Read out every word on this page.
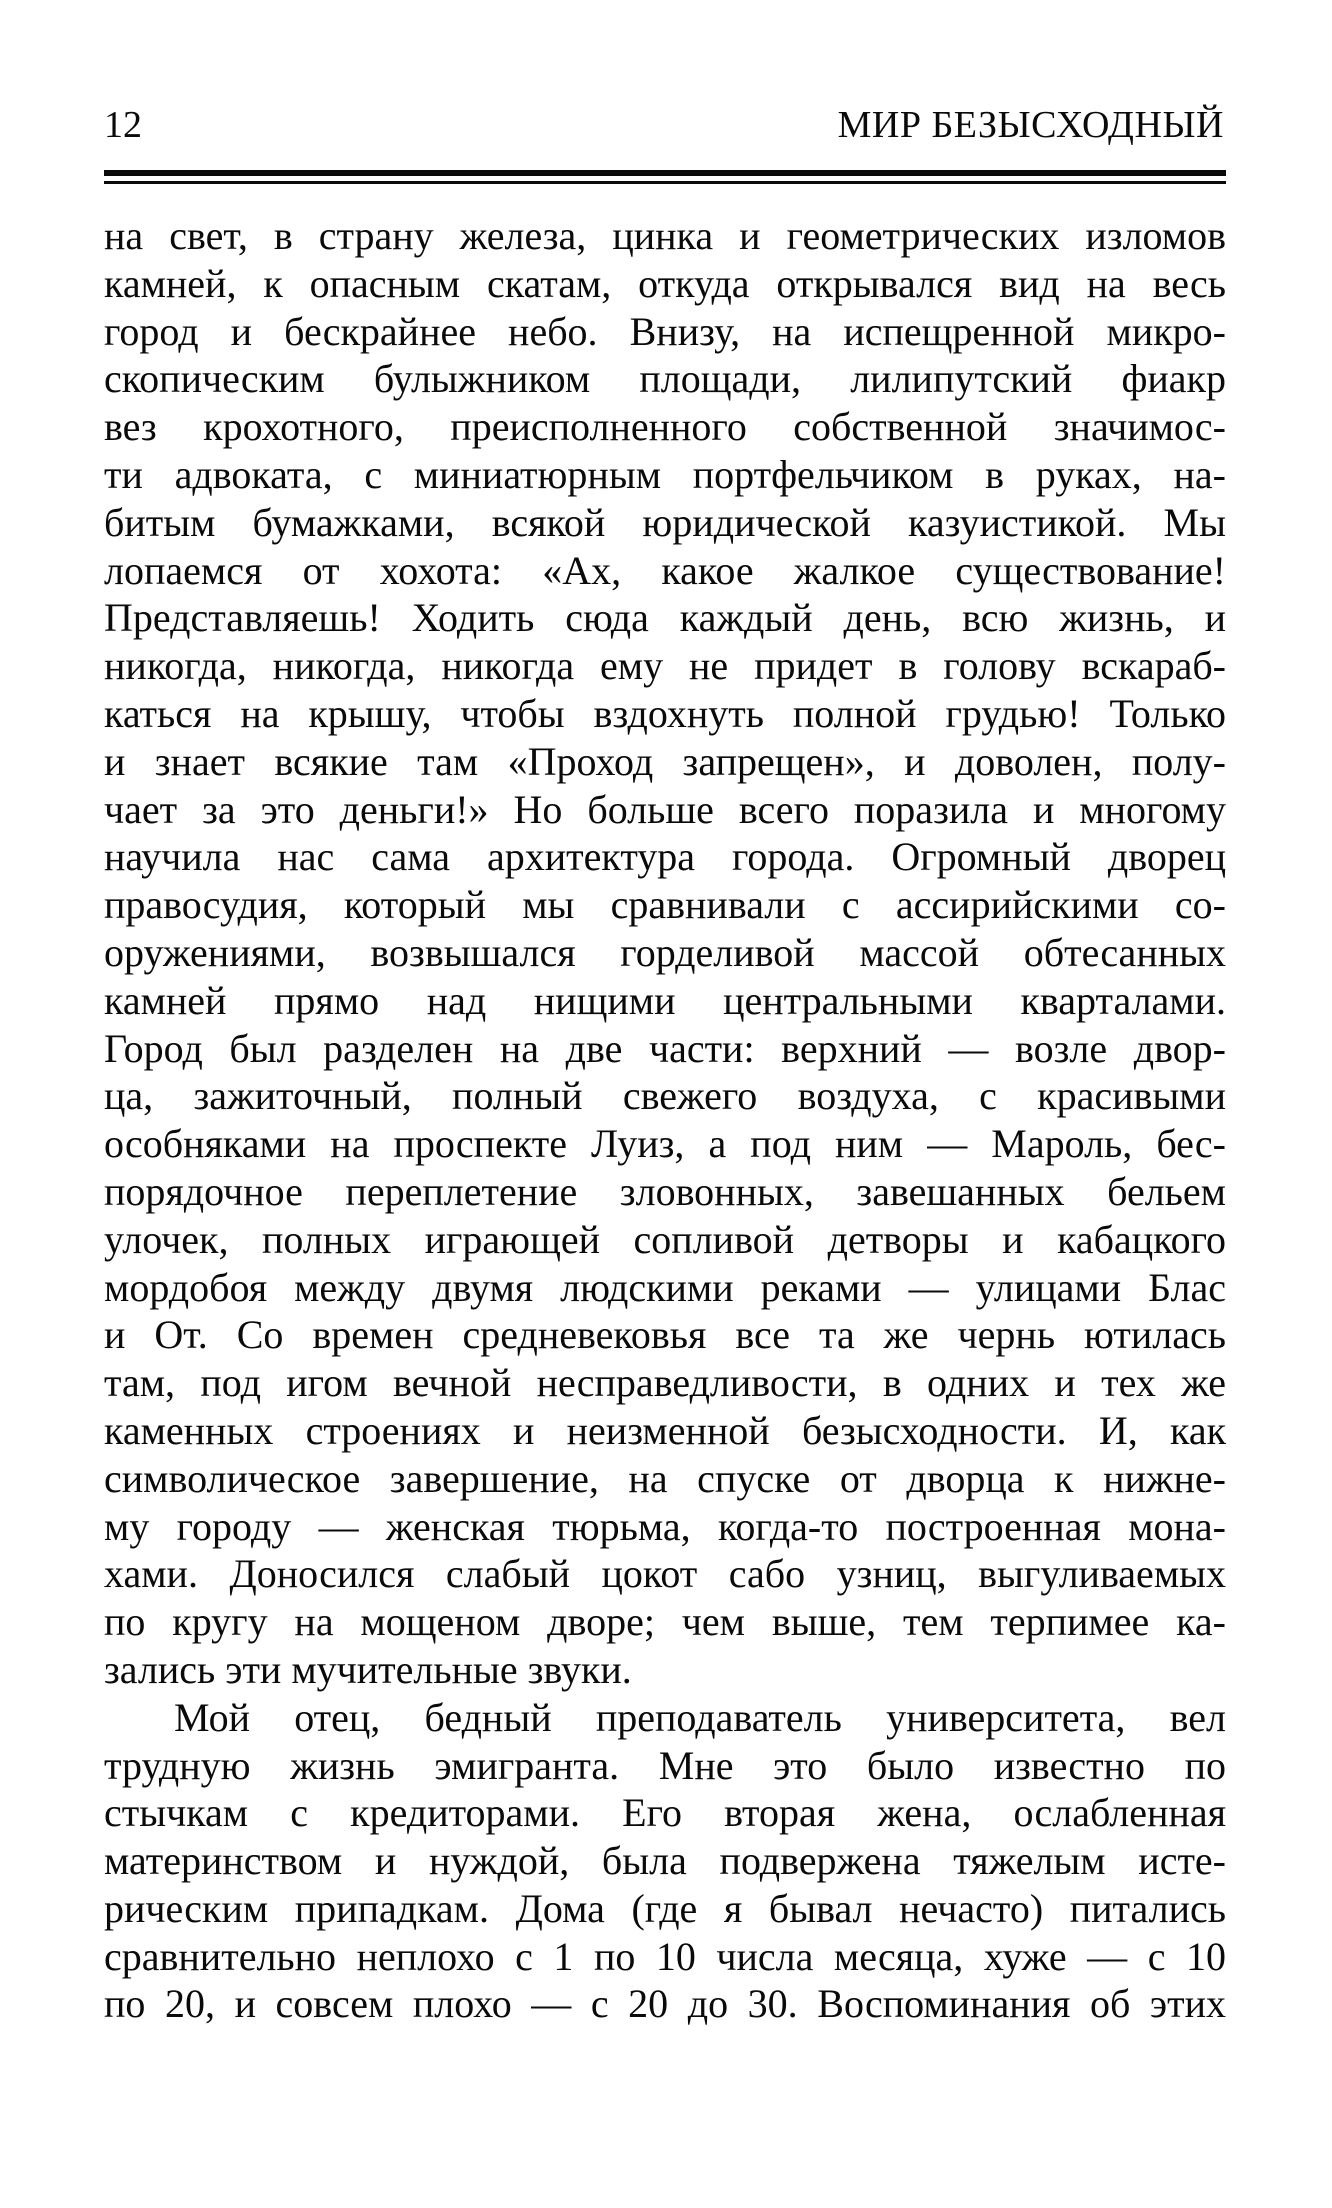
12	МИР БЕЗЫСХОДНЫЙ
на свет, в страну железа, цинка и геометрических изломов
камней, к опасным скатам, откуда открывался вид на весь
город и бескрайнее небо. Внизу, на испещренной микро-
скопическим булыжником площади, лилипутский фиакр
вез крохотного, преисполненного собственной значимос-
ти адвоката, с миниатюрным портфельчиком в руках, на-
битым бумажками, всякой юридической казуистикой. Мы
лопаемся от хохота: «Ах, какое жалкое существование!
Представляешь! Ходить сюда каждый день, всю жизнь, и
никогда, никогда, никогда ему не придет в голову вскараб-
каться на крышу, чтобы вздохнуть полной грудью! Только
и знает всякие там «Проход запрещен», и доволен, полу-
чает за это деньги!» Но больше всего поразила и многому
научила нас сама архитектура города. Огромный дворец
правосудия, который мы сравнивали с ассирийскими со-
оружениями, возвышался горделивой массой обтесанных
камней прямо над нищими центральными кварталами.
Город был разделен на две части: верхний — возле двор-
ца, зажиточный, полный свежего воздуха, с красивыми
особняками на проспекте Луиз, а под ним — Мароль, бес-
порядочное переплетение зловонных, завешанных бельем
улочек, полных играющей сопливой детворы и кабацкого
мордобоя между двумя людскими реками — улицами Блас
и От. Со времен средневековья все та же чернь ютилась
там, под игом вечной несправедливости, в одних и тех же
каменных строениях и неизменной безысходности. И, как
символическое завершение, на спуске от дворца к нижне-
му городу — женская тюрьма, когда-то построенная мона-
хами. Доносился слабый цокот сабо узниц, выгуливаемых
по кругу на мощеном дворе; чем выше, тем терпимее ка-
зались эти мучительные звуки.
Мой отец, бедный преподаватель университета, вел
трудную жизнь эмигранта. Мне это было известно по
стычкам с кредиторами. Его вторая жена, ослабленная
материнством и нуждой, была подвержена тяжелым исте-
рическим припадкам. Дома (где я бывал нечасто) питались
сравнительно неплохо с 1 по 10 числа месяца, хуже — с 10
по 20, и совсем плохо — с 20 до 30. Воспоминания об этих
